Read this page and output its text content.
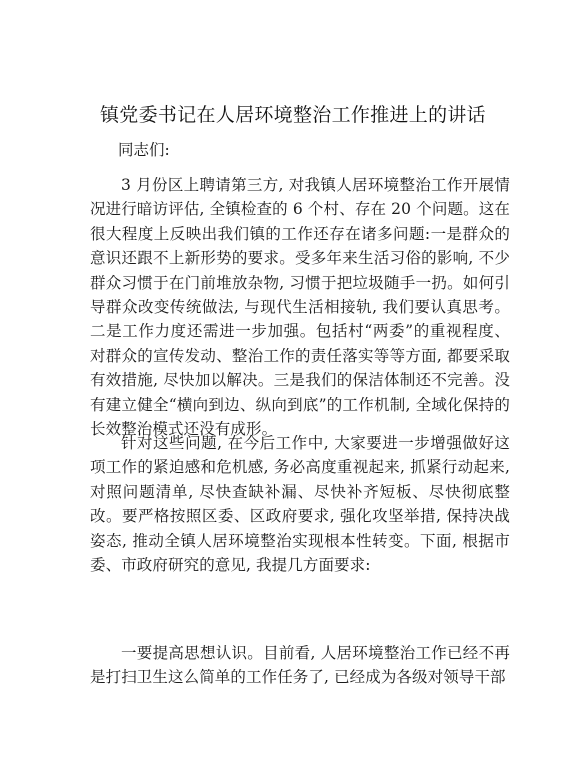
镇党委书记在人居环境整治工作推进上的讲话
同志们:

3 月份区上聘请第三方, 对我镇人居环境整治工作开展情况进行暗访评估, 全镇检查的 6 个村、存在 20 个问题。这在很大程度上反映出我们镇的工作还存在诸多问题:一是群众的意识还跟不上新形势的要求。受多年来生活习俗的影响, 不少群众习惯于在门前堆放杂物, 习惯于把垃圾随手一扔。如何引导群众改变传统做法, 与现代生活相接轨, 我们要认真思考。二是工作力度还需进一步加强。包括村“两委”的重视程度、对群众的宣传发动、整治工作的责任落实等等方面, 都要采取有效措施, 尽快加以解决。三是我们的保洁体制还不完善。没有建立健全“横向到边、纵向到底”的工作机制, 全域化保持的长效整治模式还没有成形。

针对这些问题, 在今后工作中, 大家要进一步增强做好这项工作的紧迫感和危机感, 务必高度重视起来, 抓紧行动起来, 对照问题清单, 尽快查缺补漏、尽快补齐短板、尽快彻底整改。要严格按照区委、区政府要求, 强化攻坚举措, 保持决战姿态, 推动全镇人居环境整治实现根本性转变。下面, 根据市委、市政府研究的意见, 我提几方面要求:

一要提高思想认识。目前看, 人居环境整治工作已经不再是打扫卫生这么简单的工作任务了, 已经成为各级对领导干部
